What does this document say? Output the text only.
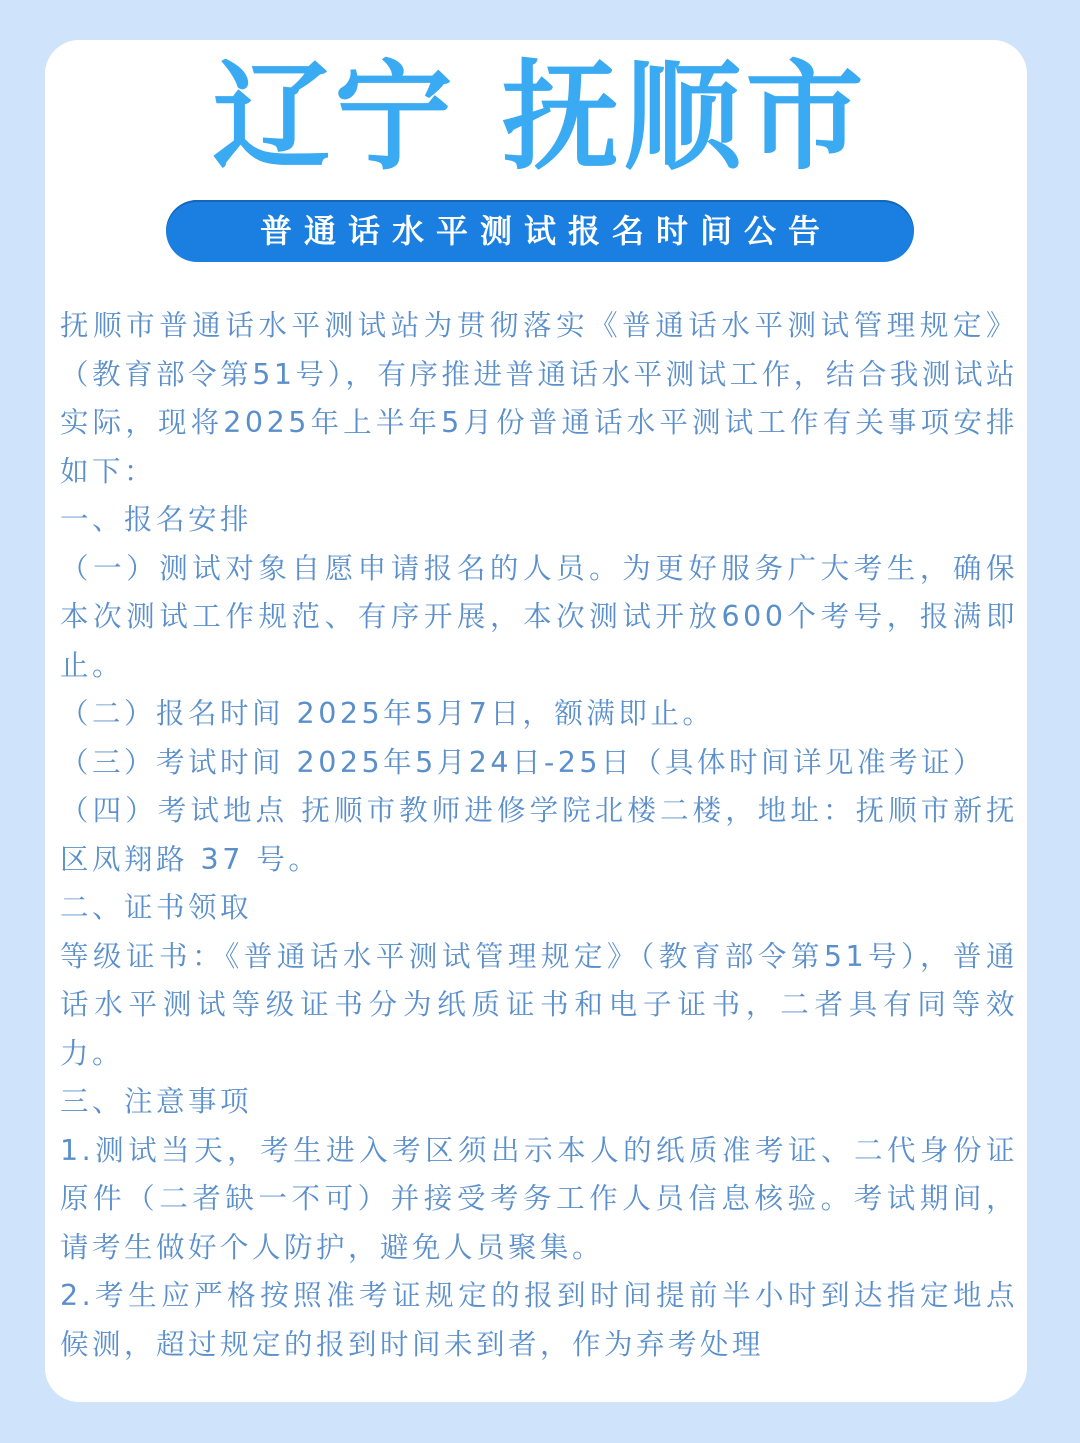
辽宁 抚顺市
普通话水平测试报名时间公告

抚顺市普通话水平测试站为贯彻落实《普通话水平测试管理规定》（教育部令第51号），有序推进普通话水平测试工作，结合我测试站实际，现将2025年上半年5月份普通话水平测试工作有关事项安排如下：

一、报名安排

（一）测试对象自愿申请报名的人员。为更好服务广大考生，确保本次测试工作规范、有序开展，本次测试开放600个考号，报满即止。

（二）报名时间 2025年5月7日，额满即止。

（三）考试时间 2025年5月24日-25日（具体时间详见准考证）

（四）考试地点 抚顺市教师进修学院北楼二楼，地址：抚顺市新抚区凤翔路 37 号。

二、证书领取

等级证书：《普通话水平测试管理规定》（教育部令第51号），普通话水平测试等级证书分为纸质证书和电子证书，二者具有同等效力。

三、注意事项

1.测试当天，考生进入考区须出示本人的纸质准考证、二代身份证原件（二者缺一不可）并接受考务工作人员信息核验。考试期间，请考生做好个人防护，避免人员聚集。

2.考生应严格按照准考证规定的报到时间提前半小时到达指定地点候测，超过规定的报到时间未到者，作为弃考处理
